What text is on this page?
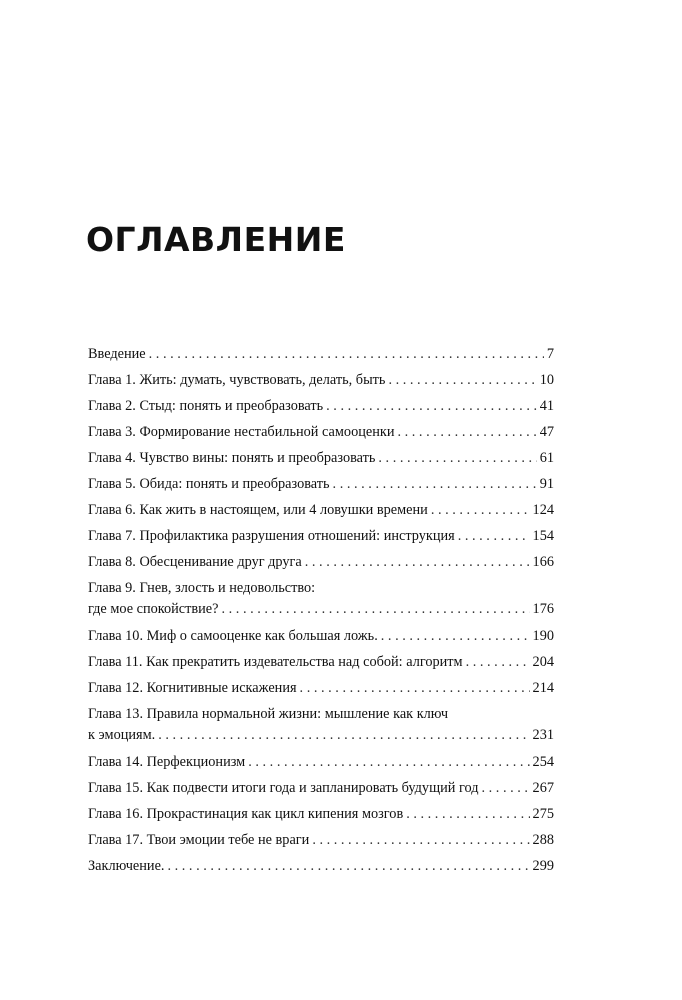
ОГЛАВЛЕНИЕ
Введение . . .	7
Глава 1. Жить: думать, чувствовать, делать, быть . . .	10
Глава 2. Стыд: понять и преобразовать . . .	41
Глава 3. Формирование нестабильной самооценки . . .	47
Глава 4. Чувство вины: понять и преобразовать . . .	61
Глава 5. Обида: понять и преобразовать . . .	91
Глава 6. Как жить в настоящем, или 4 ловушки времени . . .	124
Глава 7. Профилактика разрушения отношений: инструкция . . .	154
Глава 8. Обесценивание друг друга . . .	166
Глава 9. Гнев, злость и недовольство:
где мое спокойствие? . . .	176
Глава 10. Миф о самооценке как большая ложь. . . .	190
Глава 11. Как прекратить издевательства над собой: алгоритм . . .	204
Глава 12. Когнитивные искажения . . .	214
Глава 13. Правила нормальной жизни: мышление как ключ
к эмоциям. . . .	231
Глава 14. Перфекционизм . . .	254
Глава 15. Как подвести итоги года и запланировать будущий год . . .	267
Глава 16. Прокрастинация как цикл кипения мозгов . . .	275
Глава 17. Твои эмоции тебе не враги . . .	288
Заключение. . . .	299
